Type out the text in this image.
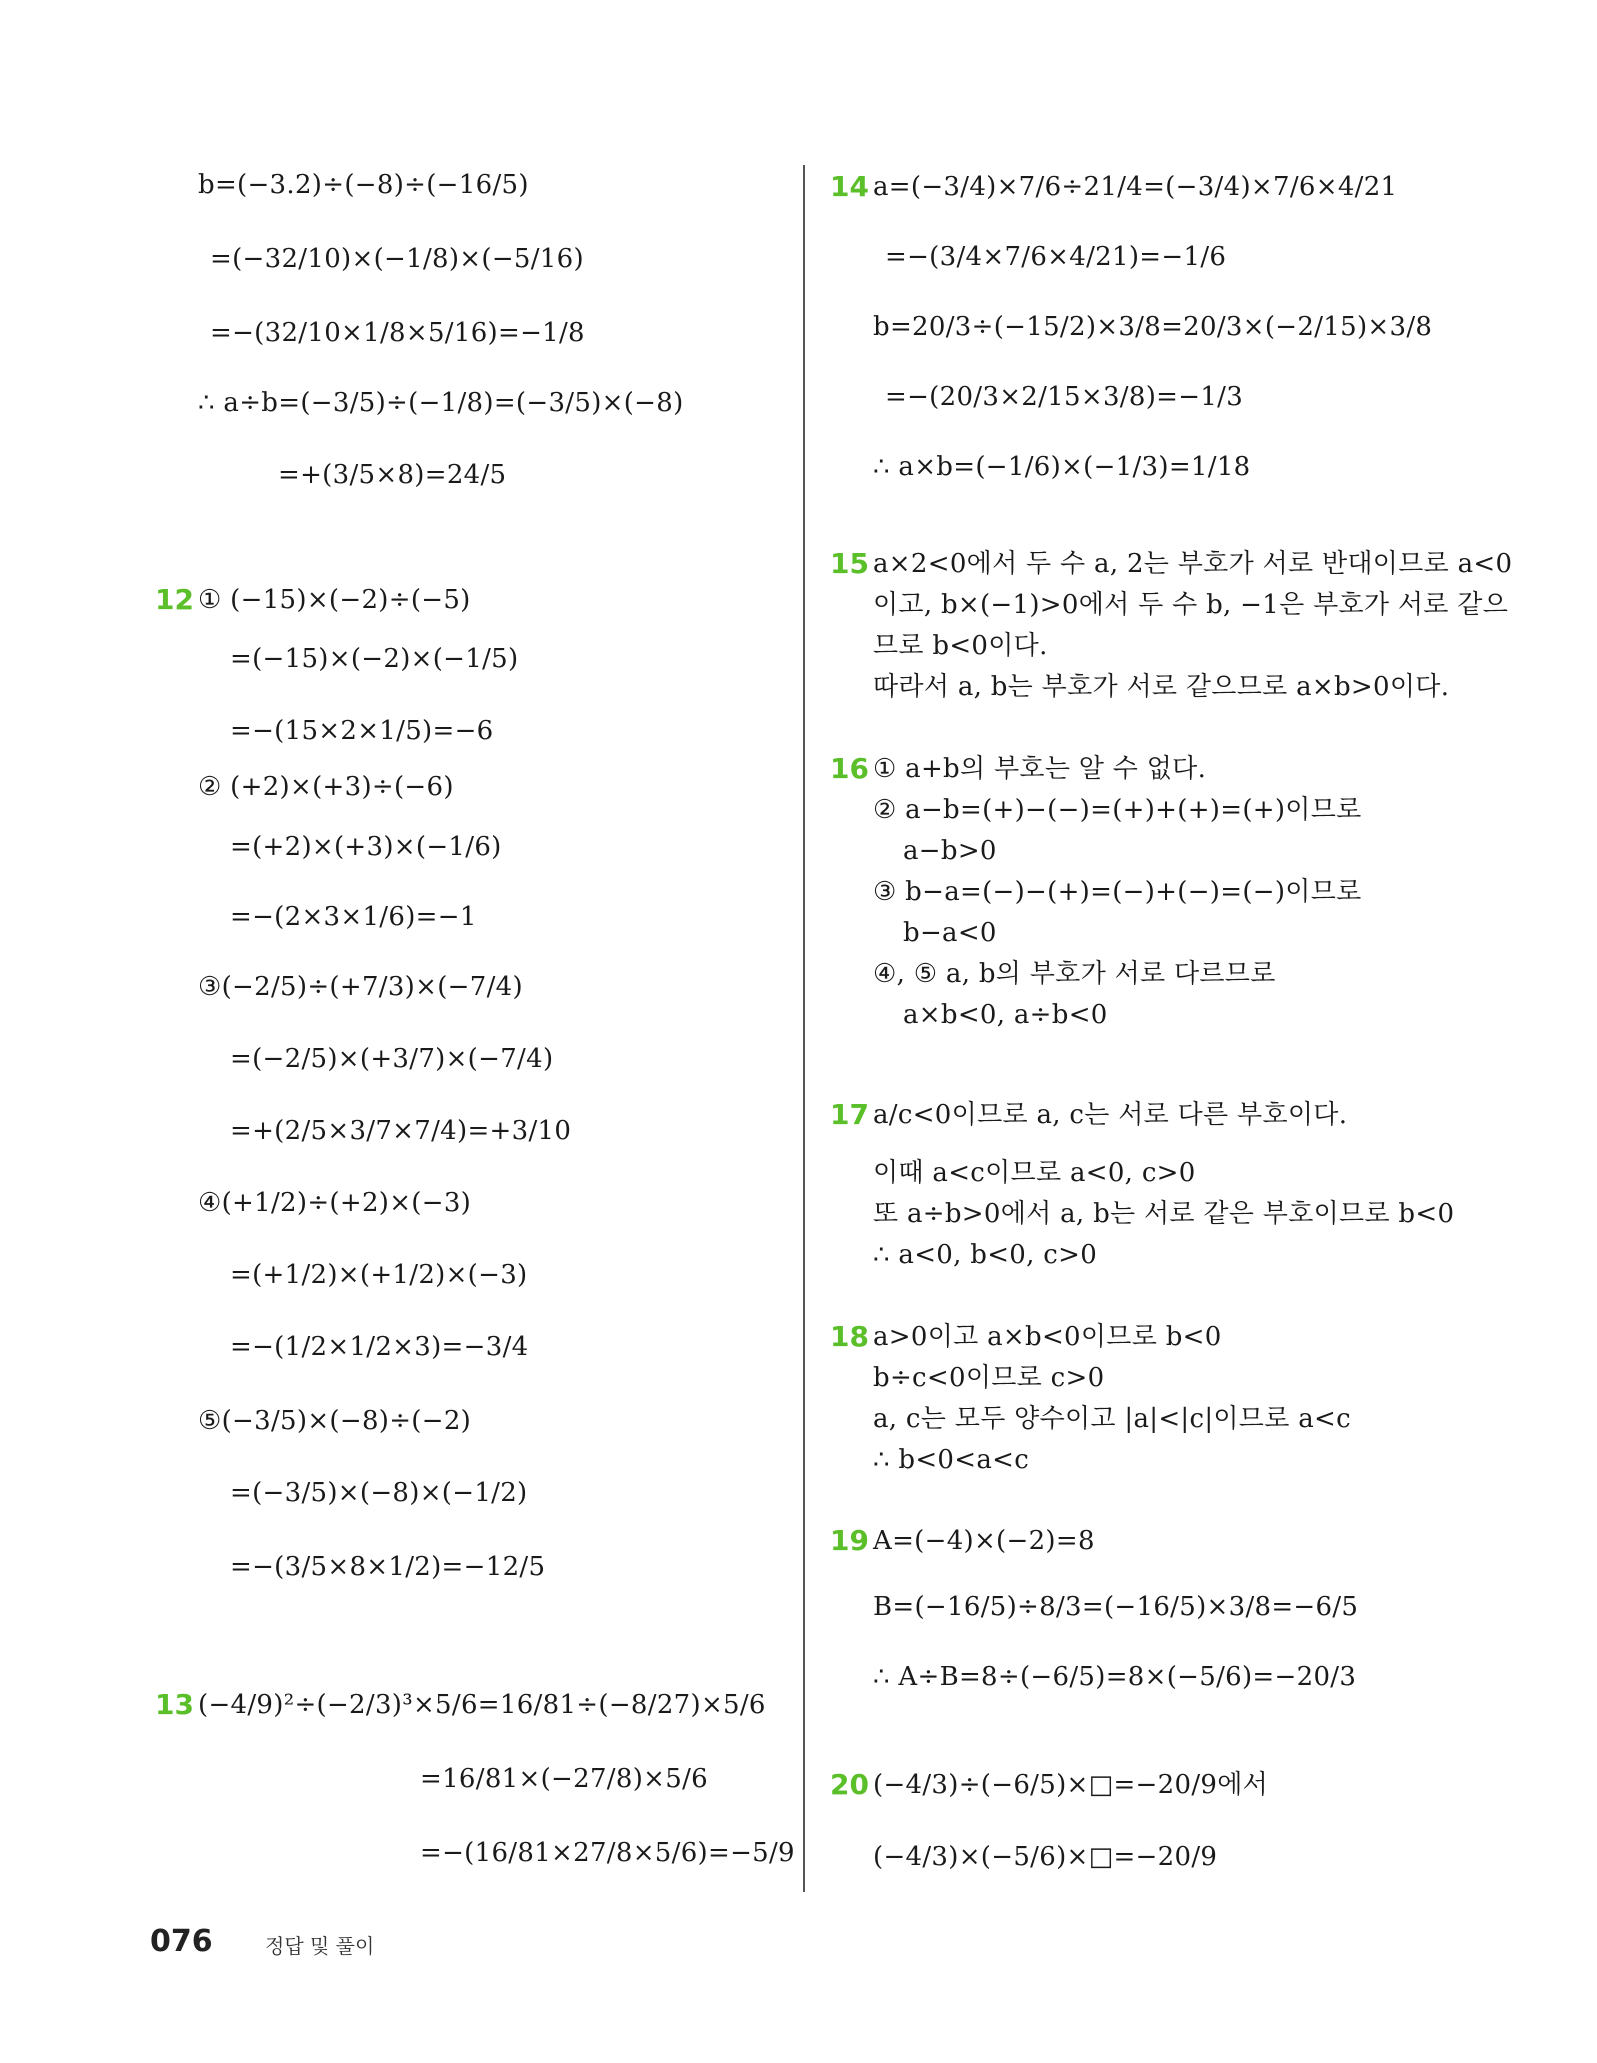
b=(−3.2)÷(−8)÷(−16/5)
=(−32/10)×(−1/8)×(−5/16)
=−(32/10×1/8×5/16)=−1/8
∴ a÷b=(−3/5)÷(−1/8)=(−3/5)×(−8)
=+(3/5×8)=24/5
12 ① (−15)×(−2)÷(−5)
=(−15)×(−2)×(−1/5)
=−(15×2×1/5)=−6
② (+2)×(+3)÷(−6)
=(+2)×(+3)×(−1/6)
=−(2×3×1/6)=−1
③(−2/5)÷(+7/3)×(−7/4)
=(−2/5)×(+3/7)×(−7/4)
=+(2/5×3/7×7/4)=+3/10
④(+1/2)÷(+2)×(−3)
=(+1/2)×(+1/2)×(−3)
=−(1/2×1/2×3)=−3/4
⑤(−3/5)×(−8)÷(−2)
=(−3/5)×(−8)×(−1/2)
=−(3/5×8×1/2)=−12/5
13 (−4/9)²÷(−2/3)³×5/6=16/81÷(−8/27)×5/6
=16/81×(−27/8)×5/6
=−(16/81×27/8×5/6)=−5/9
14 a=(−3/4)×7/6÷21/4=(−3/4)×7/6×4/21
=−(3/4×7/6×4/21)=−1/6
b=20/3÷(−15/2)×3/8=20/3×(−2/15)×3/8
=−(20/3×2/15×3/8)=−1/3
∴ a×b=(−1/6)×(−1/3)=1/18
15 a×2<0에서 두 수 a, 2는 부호가 서로 반대이므로 a<0
이고, b×(−1)>0에서 두 수 b, −1은 부호가 서로 같으
므로 b<0이다.
따라서 a, b는 부호가 서로 같으므로 a×b>0이다.
16 ① a+b의 부호는 알 수 없다.
② a−b=(+)−(−)=(+)+(+)=(+)이므로
a−b>0
③ b−a=(−)−(+)=(−)+(−)=(−)이므로
b−a<0
④, ⑤ a, b의 부호가 서로 다르므로
a×b<0, a÷b<0
17 a/c<0이므로 a, c는 서로 다른 부호이다.
이때 a<c이므로 a<0, c>0
또 a÷b>0에서 a, b는 서로 같은 부호이므로 b<0
∴ a<0, b<0, c>0
18 a>0이고 a×b<0이므로 b<0
b÷c<0이므로 c>0
a, c는 모두 양수이고 |a|<|c|이므로 a<c
∴ b<0<a<c
19 A=(−4)×(−2)=8
B=(−16/5)÷8/3=(−16/5)×3/8=−6/5
∴ A÷B=8÷(−6/5)=8×(−5/6)=−20/3
20 (−4/3)÷(−6/5)×□=−20/9에서
(−4/3)×(−5/6)×□=−20/9
076	정답 및 풀이
